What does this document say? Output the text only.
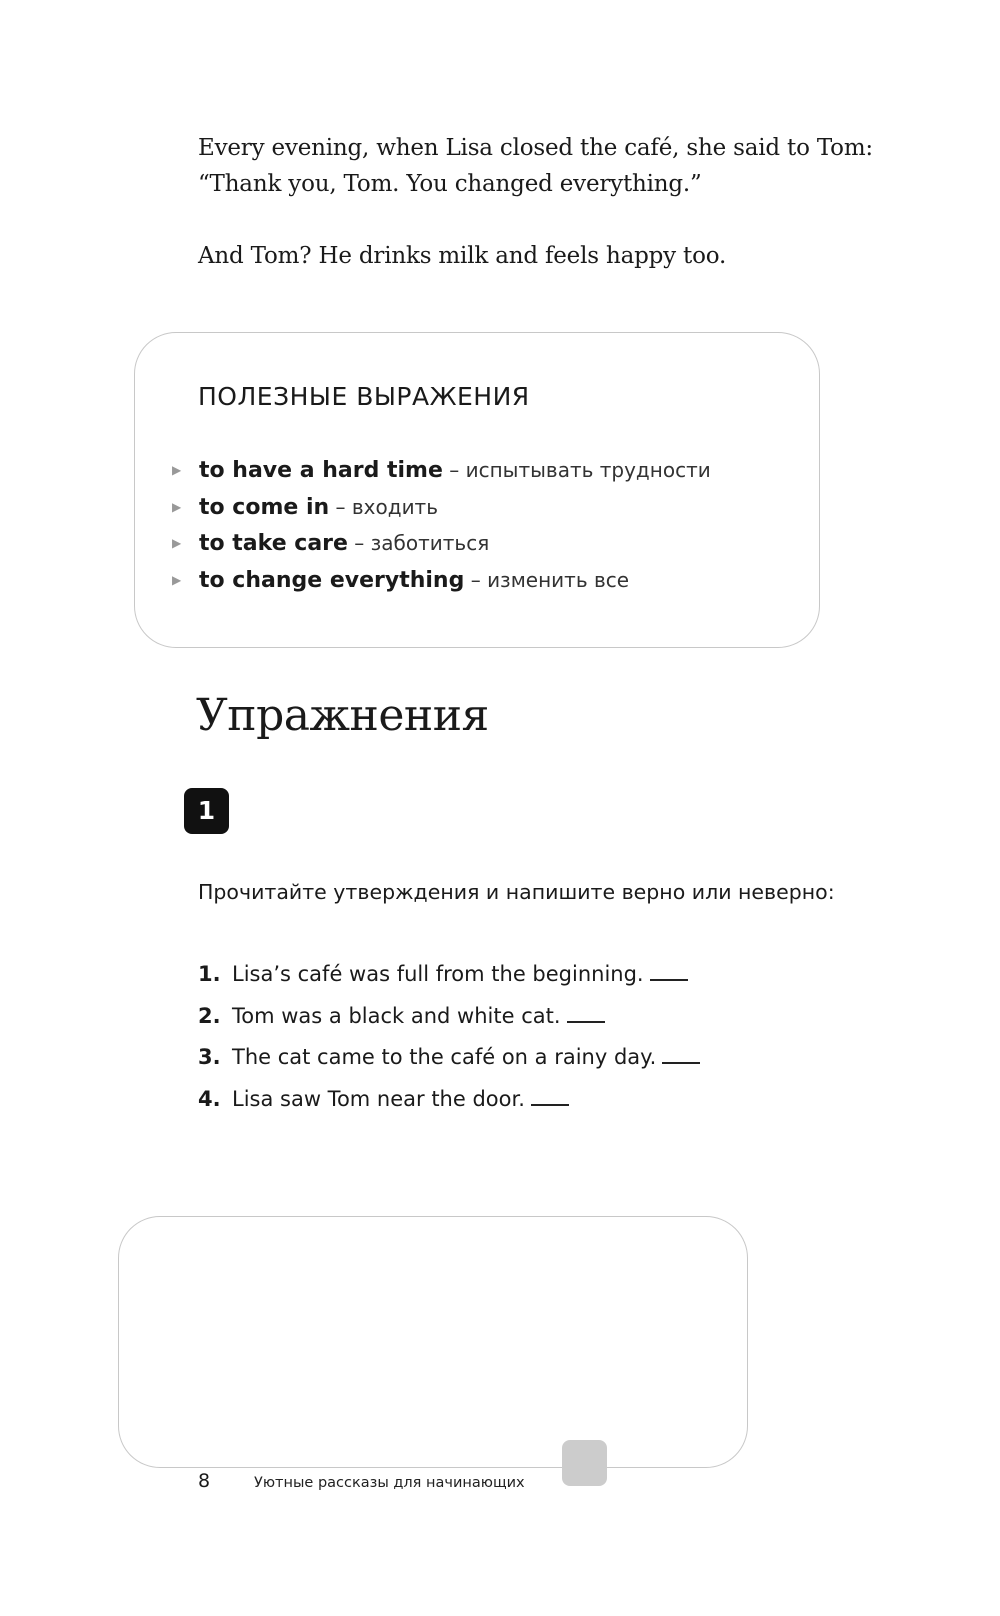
Every evening, when Lisa closed the café, she said to Tom: “Thank you, Tom. You changed everything.”

And Tom? He drinks milk and feels happy too.

ПОЛЕЗНЫЕ ВЫРАЖЕНИЯ
▶ to have a hard time – испытывать трудности
▶ to come in – входить
▶ to take care – заботиться
▶ to change everything – изменить все
Упражнения
1

Прочитайте утверждения и напишите верно или неверно:

1. Lisa’s café was full from the beginning.
2. Tom was a black and white cat.
3. The cat came to the café on a rainy day.
4. Lisa saw Tom near the door.
8	Уютные рассказы для начинающих
